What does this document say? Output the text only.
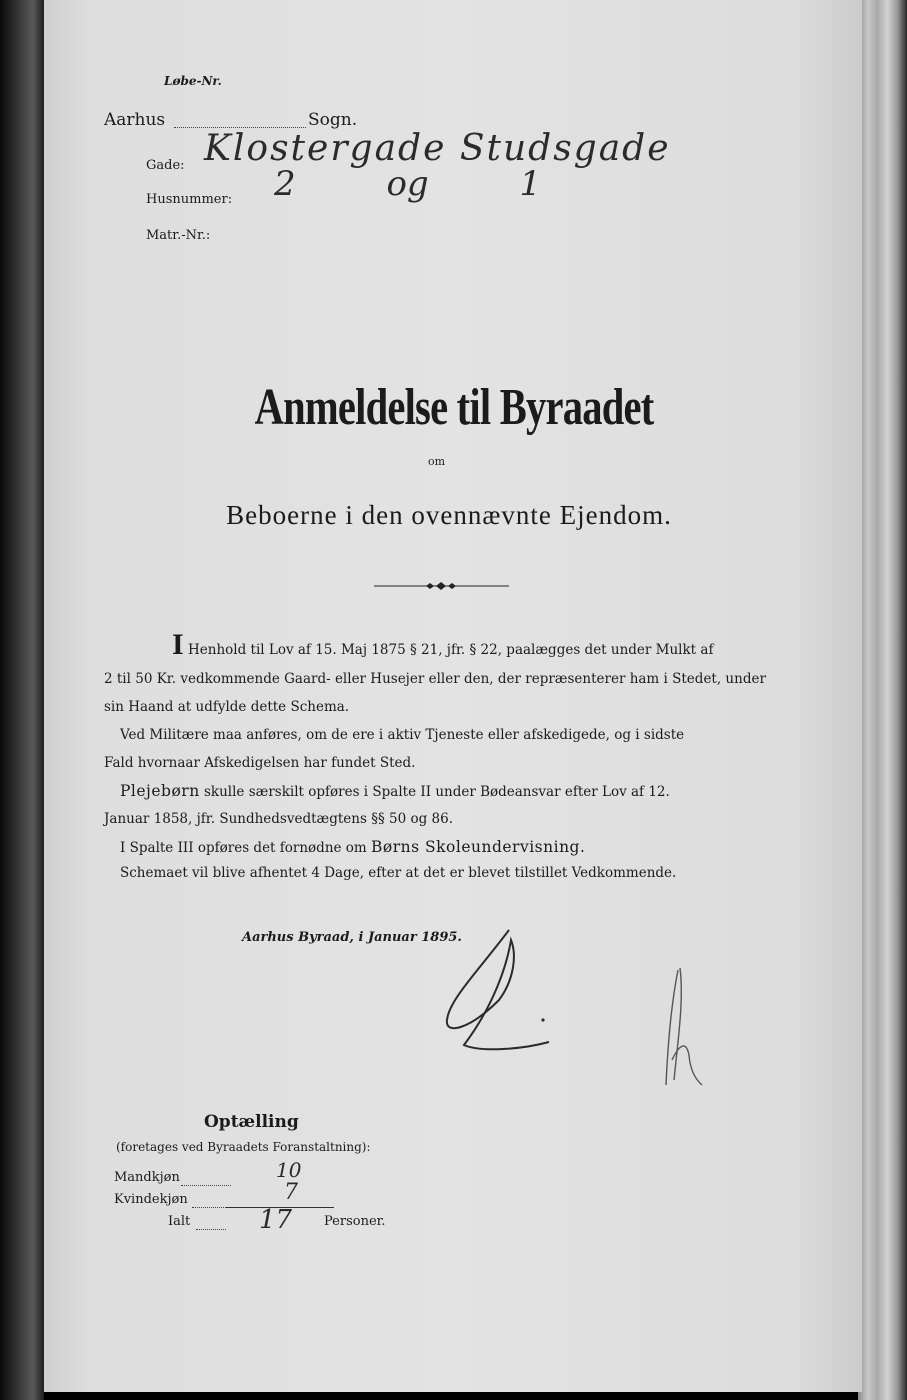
Løbe-Nr.
Aarhus	Sogn.
Gade: Klostergade Studsgade
Husnummer: 2 og 1
Matr.-Nr.:
Anmeldelse til Byraadet
om
Beboerne i den ovennævnte Ejendom.
I Henhold til Lov af 15. Maj 1875 § 21, jfr. § 22, paalægges det under Mulkt af
2 til 50 Kr. vedkommende Gaard- eller Husejer eller den, der repræsenterer ham i Stedet, under
sin Haand at udfylde dette Schema.
Ved Militære maa anføres, om de ere i aktiv Tjeneste eller afskedigede, og i sidste
Fald hvornaar Afskedigelsen har fundet Sted.
Plejebørn skulle særskilt opføres i Spalte II under Bødeansvar efter Lov af 12.
Januar 1858, jfr. Sundhedsvedtægtens §§ 50 og 86.
I Spalte III opføres det fornødne om Børns Skoleundervisning.
Schemaet vil blive afhentet 4 Dage, efter at det er blevet tilstillet Vedkommende.
Aarhus Byraad, i Januar 1895.
Optælling
(foretages ved Byraadets Foranstaltning):
Mandkjøn	10
Kvindekjøn	7
Ialt	17 Personer.
